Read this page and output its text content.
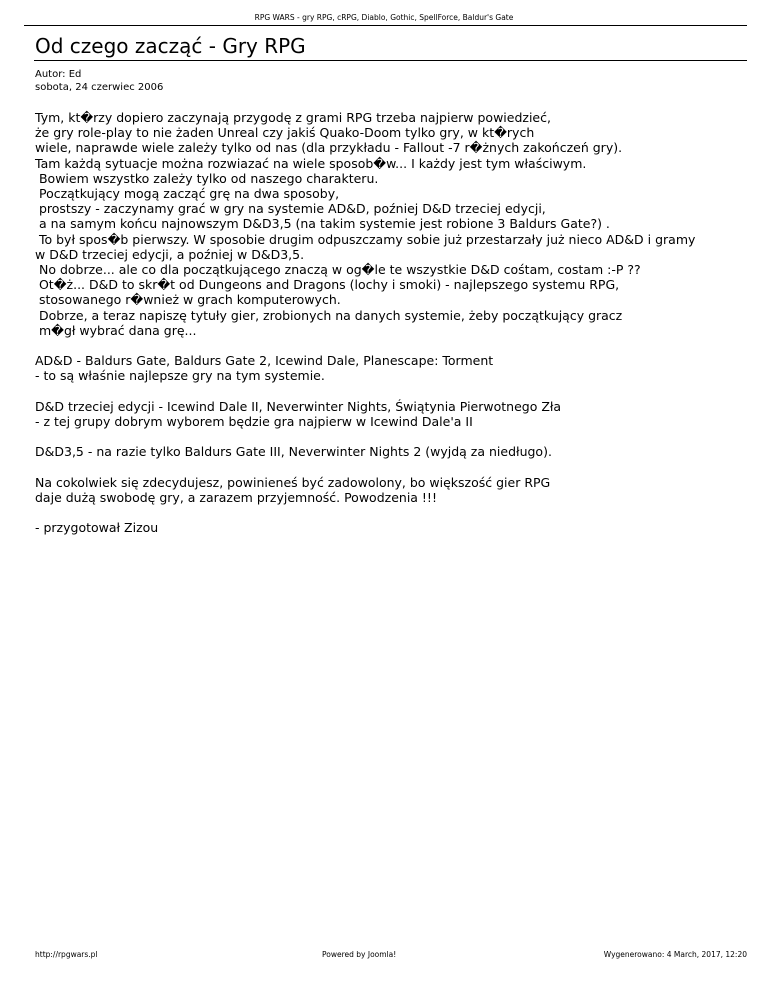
RPG WARS - gry RPG, cRPG, Diablo, Gothic, SpellForce, Baldur's Gate
Od czego zacząć - Gry RPG
Autor: Ed
sobota, 24 czerwiec 2006
Tym, kt�rzy dopiero zaczynają przygodę z grami RPG trzeba najpierw powiedzieć,
że gry role-play to nie żaden Unreal czy jakiś Quako-Doom tylko gry, w kt�rych
wiele, naprawde wiele zależy tylko od nas (dla przykładu - Fallout -7 r�żnych zakończeń gry).
Tam każdą sytuacje można rozwiazać na wiele sposob�w... I każdy jest tym właściwym.
Bowiem wszystko zależy tylko od naszego charakteru.
Początkujący mogą zacząć grę na dwa sposoby,
prostszy - zaczynamy grać w gry na systemie AD&D, poźniej D&D trzeciej edycji,
a na samym końcu najnowszym D&D3,5 (na takim systemie jest robione 3 Baldurs Gate?) .
To był spos�b pierwszy. W sposobie drugim odpuszczamy sobie już przestarzały już nieco AD&D i gramy
w D&D trzeciej edycji, a poźniej w D&D3,5.
No dobrze... ale co dla początkującego znaczą w og�le te wszystkie D&D cośtam, costam :-P ??
Ot�ż... D&D to skr�t od Dungeons and Dragons (lochy i smoki) - najlepszego systemu RPG,
stosowanego r�wnież w grach komputerowych.
Dobrze, a teraz napiszę tytuły gier, zrobionych na danych systemie, żeby początkujący gracz
m�gł wybrać dana grę...
AD&D - Baldurs Gate, Baldurs Gate 2, Icewind Dale, Planescape: Torment
- to są właśnie najlepsze gry na tym systemie.
D&D trzeciej edycji - Icewind Dale II, Neverwinter Nights, Świątynia Pierwotnego Zła
- z tej grupy dobrym wyborem będzie gra najpierw w Icewind Dale'a II
D&D3,5 - na razie tylko Baldurs Gate III, Neverwinter Nights 2 (wyjdą za niedługo).
Na cokolwiek się zdecydujesz, powinieneś być zadowolony, bo większość gier RPG
daje dużą swobodę gry, a zarazem przyjemność. Powodzenia !!!
- przygotował Zizou
http://rpgwars.pl	Powered by Joomla!	Wygenerowano: 4 March, 2017, 12:20
